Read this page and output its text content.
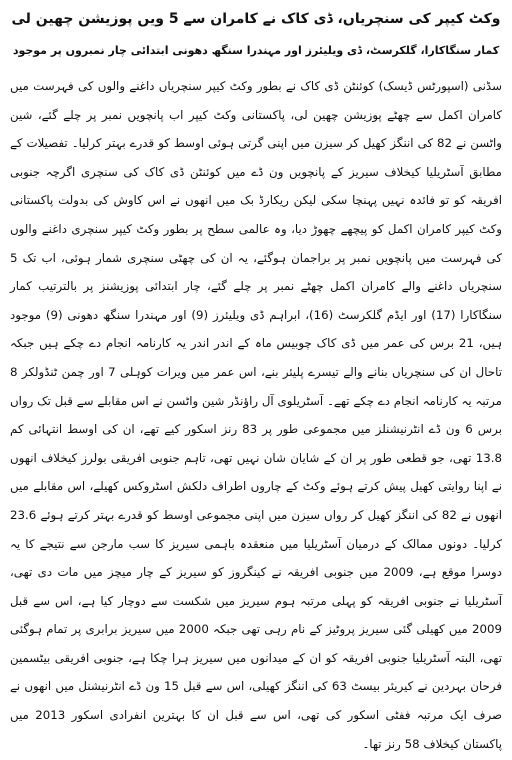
وکٹ کیپر کی سنچریاں، ڈی کاک نے کامران سے 5 ویں پوزیشن چھین لی
کمار سنگاکارا، گلکرسٹ، ڈی ویلیئرز اور مہندرا سنگھ دھونی ابتدائی چار نمبروں پر موجود

سڈنی (اسپورٹس ڈیسک) کوئنٹن ڈی کاک نے بطور وکٹ کیپر سنچریاں داغنے والوں کی فہرست میں کامران اکمل سے چھٹے پوزیشن چھین لی، پاکستانی وکٹ کیپر اب پانچویں نمبر پر چلے گئے، شین واٹسن نے 82 کی اننگز کھیل کر سیزن میں اپنی گرتی ہوئی اوسط کو قدرے بہتر کرلیا۔ تفصیلات کے مطابق آسٹریلیا کیخلاف سیریز کے پانچویں ون ڈے میں کوئنٹن ڈی کاک کی سنچری اگرچہ جنوبی افریقہ کو تو فائدہ نہیں پہنچا سکی لیکن ریکارڈ بک میں انھوں نے اس کاوش کی بدولت پاکستانی وکٹ کیپر کامران اکمل کو پیچھے چھوڑ دیا، وہ عالمی سطح پر بطور وکٹ کیپر سنچری داغنے والوں کی فہرست میں پانچویں نمبر پر براجمان ہوگئے، یہ ان کی چھٹی سنچری شمار ہوئی، اب تک 5 سنچریاں داغنے والے کامران اکمل چھٹے نمبر پر چلے گئے، چار ابتدائی پوزیشنز پر بالترتیب کمار سنگاکارا (17) اور ایڈم گلکرسٹ (16)، ابراہم ڈی ویلیئرز (9) اور مہندرا سنگھ دھونی (9) موجود ہیں، 21 برس کی عمر میں ڈی کاک چوبیس ماہ کے اندر اندر یہ کارنامہ انجام دے چکے ہیں جبکہ تاحال ان کی سنچریاں بنانے والے تیسرے پلیئر بنے، اس عمر میں ویرات کوہلی 7 اور چمن ٹنڈولکر 8 مرتبہ یہ کارنامہ انجام دے چکے تھے۔ آسٹریلوی آل راؤنڈر شین واٹسن نے اس مقابلے سے قبل تک رواں برس 6 ون ڈے انٹرنیشنلز میں مجموعی طور پر 83 رنز اسکور کیے تھے، ان کی اوسط انتہائی کم 13.8 تھی، جو قطعی طور پر ان کے شایان شان نہیں تھی، تاہم جنوبی افریقی بولرز کیخلاف انھوں نے اپنا روایتی کھیل پیش کرتے ہوئے وکٹ کے چاروں اطراف دلکش اسٹروکس کھیلے، اس مقابلے میں انھوں نے 82 کی اننگز کھیل کر رواں سیزن میں اپنی مجموعی اوسط کو قدرے بہتر کرتے ہوئے 23.6 کرلیا۔ دونوں ممالک کے درمیان آسٹریلیا میں منعقدہ باہمی سیریز کا سب مارجن سے نتیجے کا یہ دوسرا موقع ہے، 2009 میں جنوبی افریقہ نے کینگروز کو سیریز کے چار میچز میں مات دی تھی، آسٹریلیا نے جنوبی افریقہ کو پہلی مرتبہ ہوم سیریز میں شکست سے دوچار کیا ہے، اس سے قبل 2009 میں کھیلی گئی سیریز پروٹیز کے نام رہی تھی جبکہ 2000 میں سیریز برابری پر تمام ہوگئی تھی، البتہ آسٹریلیا جنوبی افریقہ کو ان کے میدانوں میں سیریز ہرا چکا ہے، جنوبی افریقی بیٹسمین فرحان بہردین نے کیریئر بیسٹ 63 کی اننگز کھیلی، اس سے قبل 15 ون ڈے انٹرنیشنل میں انھوں نے صرف ایک مرتبہ ففٹی اسکور کی تھی، اس سے قبل ان کا بہترین انفرادی اسکور 2013 میں پاکستان کیخلاف 58 رنز تھا۔
